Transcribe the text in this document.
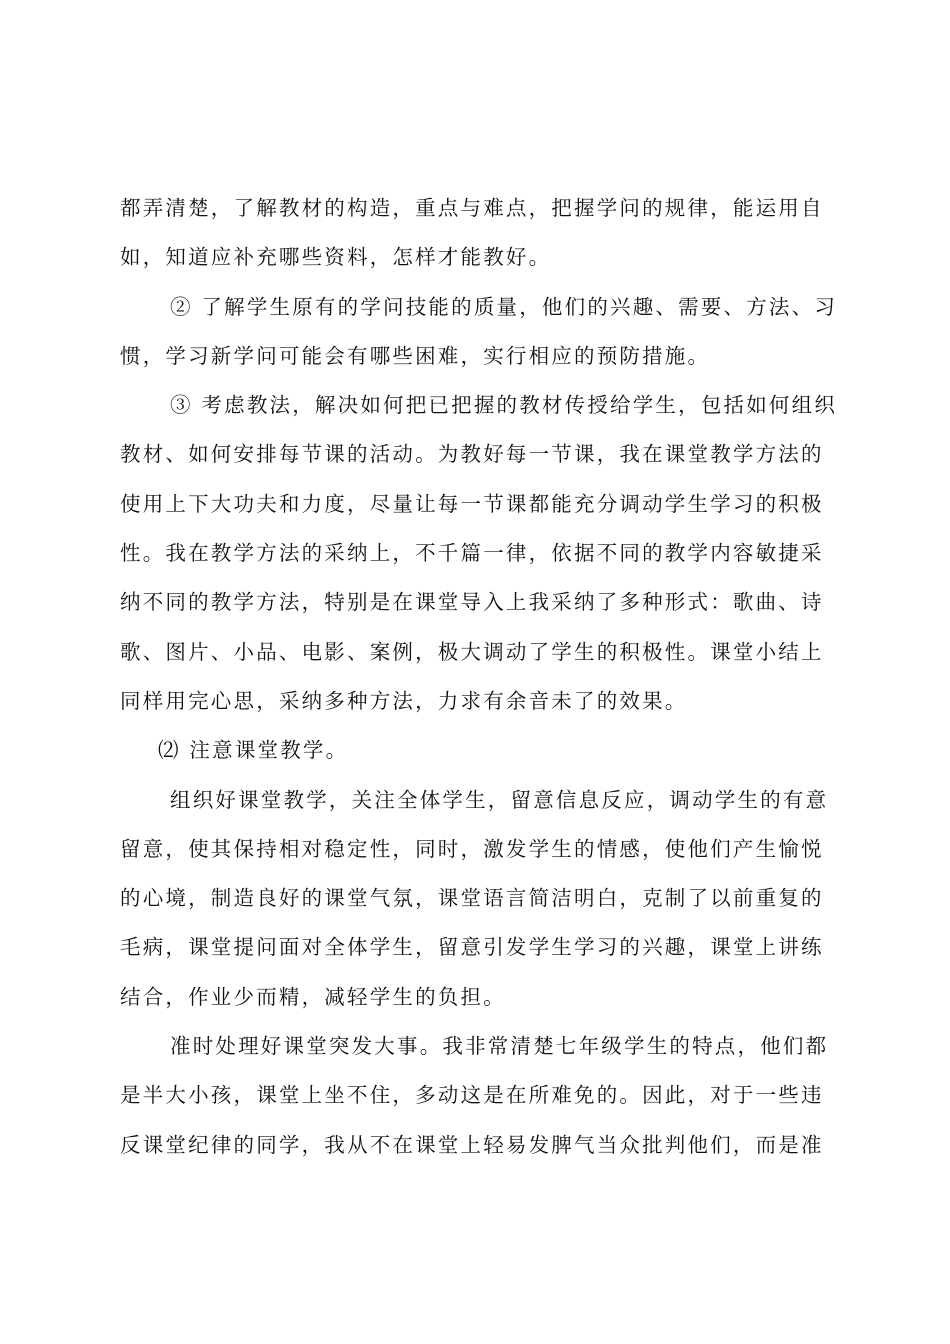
都弄清楚，了解教材的构造，重点与难点，把握学问的规律，能运用自
如，知道应补充哪些资料，怎样才能教好。
② 了解学生原有的学问技能的质量，他们的兴趣、需要、方法、习
惯，学习新学问可能会有哪些困难，实行相应的预防措施。
③ 考虑教法，解决如何把已把握的教材传授给学生，包括如何组织
教材、如何安排每节课的活动。为教好每一节课，我在课堂教学方法的
使用上下大功夫和力度，尽量让每一节课都能充分调动学生学习的积极
性。我在教学方法的采纳上，不千篇一律，依据不同的教学内容敏捷采
纳不同的教学方法，特别是在课堂导入上我采纳了多种形式：歌曲、诗
歌、图片、小品、电影、案例，极大调动了学生的积极性。课堂小结上
同样用完心思，采纳多种方法，力求有余音未了的效果。
⑵ 注意课堂教学。
组织好课堂教学，关注全体学生，留意信息反应，调动学生的有意
留意，使其保持相对稳定性，同时，激发学生的情感，使他们产生愉悦
的心境，制造良好的课堂气氛，课堂语言简洁明白，克制了以前重复的
毛病，课堂提问面对全体学生，留意引发学生学习的兴趣，课堂上讲练
结合，作业少而精，减轻学生的负担。
准时处理好课堂突发大事。我非常清楚七年级学生的特点，他们都
是半大小孩，课堂上坐不住，多动这是在所难免的。因此，对于一些违
反课堂纪律的同学，我从不在课堂上轻易发脾气当众批判他们，而是准
